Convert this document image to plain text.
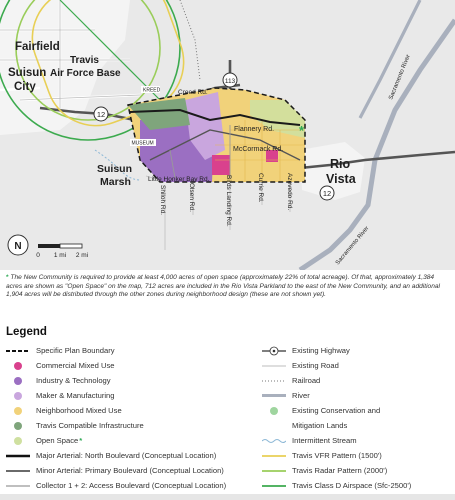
12
113
12
Fairfield
Travis
Air Force Base
Suisun
City
Suisun
Marsh
Rio
Vista
Creed Rd.
Flannery Rd.
McCormack Rd.
Little Honker Bay Rd.
Shiloh Rd.	Olsen Rd.	Birds Landing Rd.	Currie Rd.	Azevedo Rd.
Sacramento River
Sacramento River
KREED
MUSEUM
*
N
0 1 mi 2 mi
* The New Community is required to provide at least 4,000 acres of open space (approximately 22% of total acreage). Of that, approximately 1,384 acres are shown as "Open Space" on the map, 712 acres are included in the Rio Vista Parkland to the east of the New Community, and an additional 1,904 acres will be distributed through the other zones during neighborhood design (these are not shown yet).
Legend
Specific Plan Boundary
Commercial Mixed Use
Industry & Technology
Maker & Manufacturing
Neighborhood Mixed Use
Travis Compatible Infrastructure
Open Space *
Major Arterial: North Boulevard (Conceptual Location)
Minor Arterial: Primary Boulevard (Conceptual Location)
Collector 1 + 2: Access Boulevard (Conceptual Location)
Existing Highway
Existing Road
Railroad
River
Existing Conservation and
Mitigation Lands
Intermittent Stream
Travis VFR Pattern (1500')
Travis Radar Pattern (2000')
Travis Class D Airspace (Sfc-2500')
